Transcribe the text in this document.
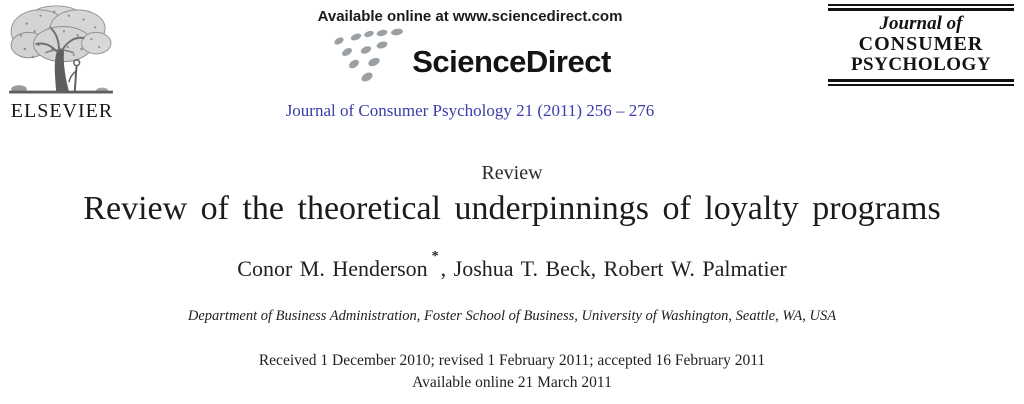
ELSEVIER
Available online at www.sciencedirect.com
ScienceDirect
Journal of Consumer Psychology 21 (2011) 256 – 276
Journal of
CONSUMER
PSYCHOLOGY
Review
Review of the theoretical underpinnings of loyalty programs
Conor M. Henderson *, Joshua T. Beck, Robert W. Palmatier
Department of Business Administration, Foster School of Business, University of Washington, Seattle, WA, USA
Received 1 December 2010; revised 1 February 2011; accepted 16 February 2011
Available online 21 March 2011
